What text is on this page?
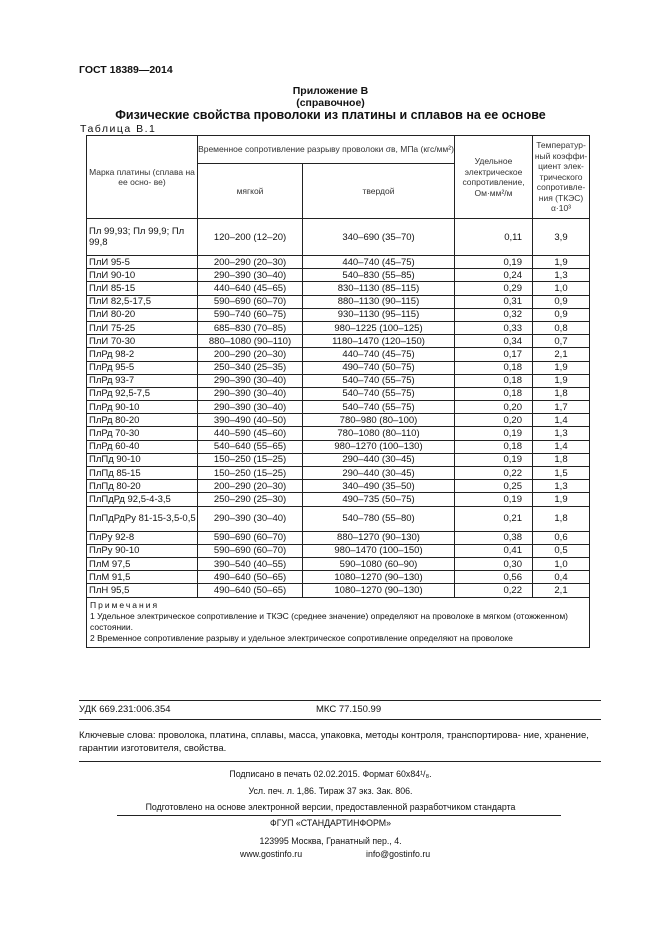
ГОСТ 18389—2014
Приложение В
(справочное)
Физические свойства проволоки из платины и сплавов на ее основе
Таблица В.1
Марка платины (сплава на ее осно- ве)	Временное сопротивление разрыву проволоки σв, МПа (кгс/мм²)		Удельное электрическое сопротивление, Ом·мм²/м	Температур- ный коэффи- циент элек- трического сопротивле- ния (ТКЭС) α·10³
	мягкой	твердой		
Пл 99,93; Пл 99,9; Пл 99,8	120–200 (12–20)	340–690 (35–70)	0,11	3,9
ПлИ 95-5	200–290 (20–30)	440–740 (45–75)	0,19	1,9
ПлИ 90-10	290–390 (30–40)	540–830 (55–85)	0,24	1,3
ПлИ 85-15	440–640 (45–65)	830–1130 (85–115)	0,29	1,0
ПлИ 82,5-17,5	590–690 (60–70)	880–1130 (90–115)	0,31	0,9
ПлИ 80-20	590–740 (60–75)	930–1130 (95–115)	0,32	0,9
ПлИ 75-25	685–830 (70–85)	980–1225 (100–125)	0,33	0,8
ПлИ 70-30	880–1080 (90–110)	1180–1470 (120–150)	0,34	0,7
ПлРд 98-2	200–290 (20–30)	440–740 (45–75)	0,17	2,1
ПлРд 95-5	250–340 (25–35)	490–740 (50–75)	0,18	1,9
ПлРд 93-7	290–390 (30–40)	540–740 (55–75)	0,18	1,9
ПлРд 92,5-7,5	290–390 (30–40)	540–740 (55–75)	0,18	1,8
ПлРд 90-10	290–390 (30–40)	540–740 (55–75)	0,20	1,7
ПлРд 80-20	390–490 (40–50)	780–980 (80–100)	0,20	1,4
ПлРд 70-30	440–590 (45–60)	780–1080 (80–110)	0,19	1,3
ПлРд 60-40	540–640 (55–65)	980–1270 (100–130)	0,18	1,4
ПлПд 90-10	150–250 (15–25)	290–440 (30–45)	0,19	1,8
ПлПд 85-15	150–250 (15–25)	290–440 (30–45)	0,22	1,5
ПлПд 80-20	200–290 (20–30)	340–490 (35–50)	0,25	1,3
ПлПдРд 92,5-4-3,5	250–290 (25–30)	490–735 (50–75)	0,19	1,9
ПлПдРдРу 81-15-3,5-0,5	290–390 (30–40)	540–780 (55–80)	0,21	1,8
ПлРу 92-8	590–690 (60–70)	880–1270 (90–130)	0,38	0,6
ПлРу 90-10	590–690 (60–70)	980–1470 (100–150)	0,41	0,5
ПлМ 97,5	390–540 (40–55)	590–1080 (60–90)	0,30	1,0
ПлМ 91,5	490–640 (50–65)	1080–1270 (90–130)	0,56	0,4
ПлН 95,5	490–640 (50–65)	1080–1270 (90–130)	0,22	2,1

Примечания
1 Удельное электрическое сопротивление и ТКЭС (среднее значение) определяют на проволоке в мягком (отожженном) состоянии.
2 Временное сопротивление разрыву и удельное электрическое сопротивление определяют на проволоке				
УДК 669.231:006.354	МКС 77.150.99
Ключевые слова: проволока, платина, сплавы, масса, упаковка, методы контроля, транспортирова- ние, хранение, гарантии изготовителя, свойства.
Подписано в печать 02.02.2015. Формат 60x84¹/₈.
Усл. печ. л. 1,86. Тираж 37 экз. Зак. 806.
Подготовлено на основе электронной версии, предоставленной разработчиком стандарта
ФГУП «СТАНДАРТИНФОРМ»
123995 Москва, Гранатный пер., 4.
www.gostinfo.ru	info@gostinfo.ru
